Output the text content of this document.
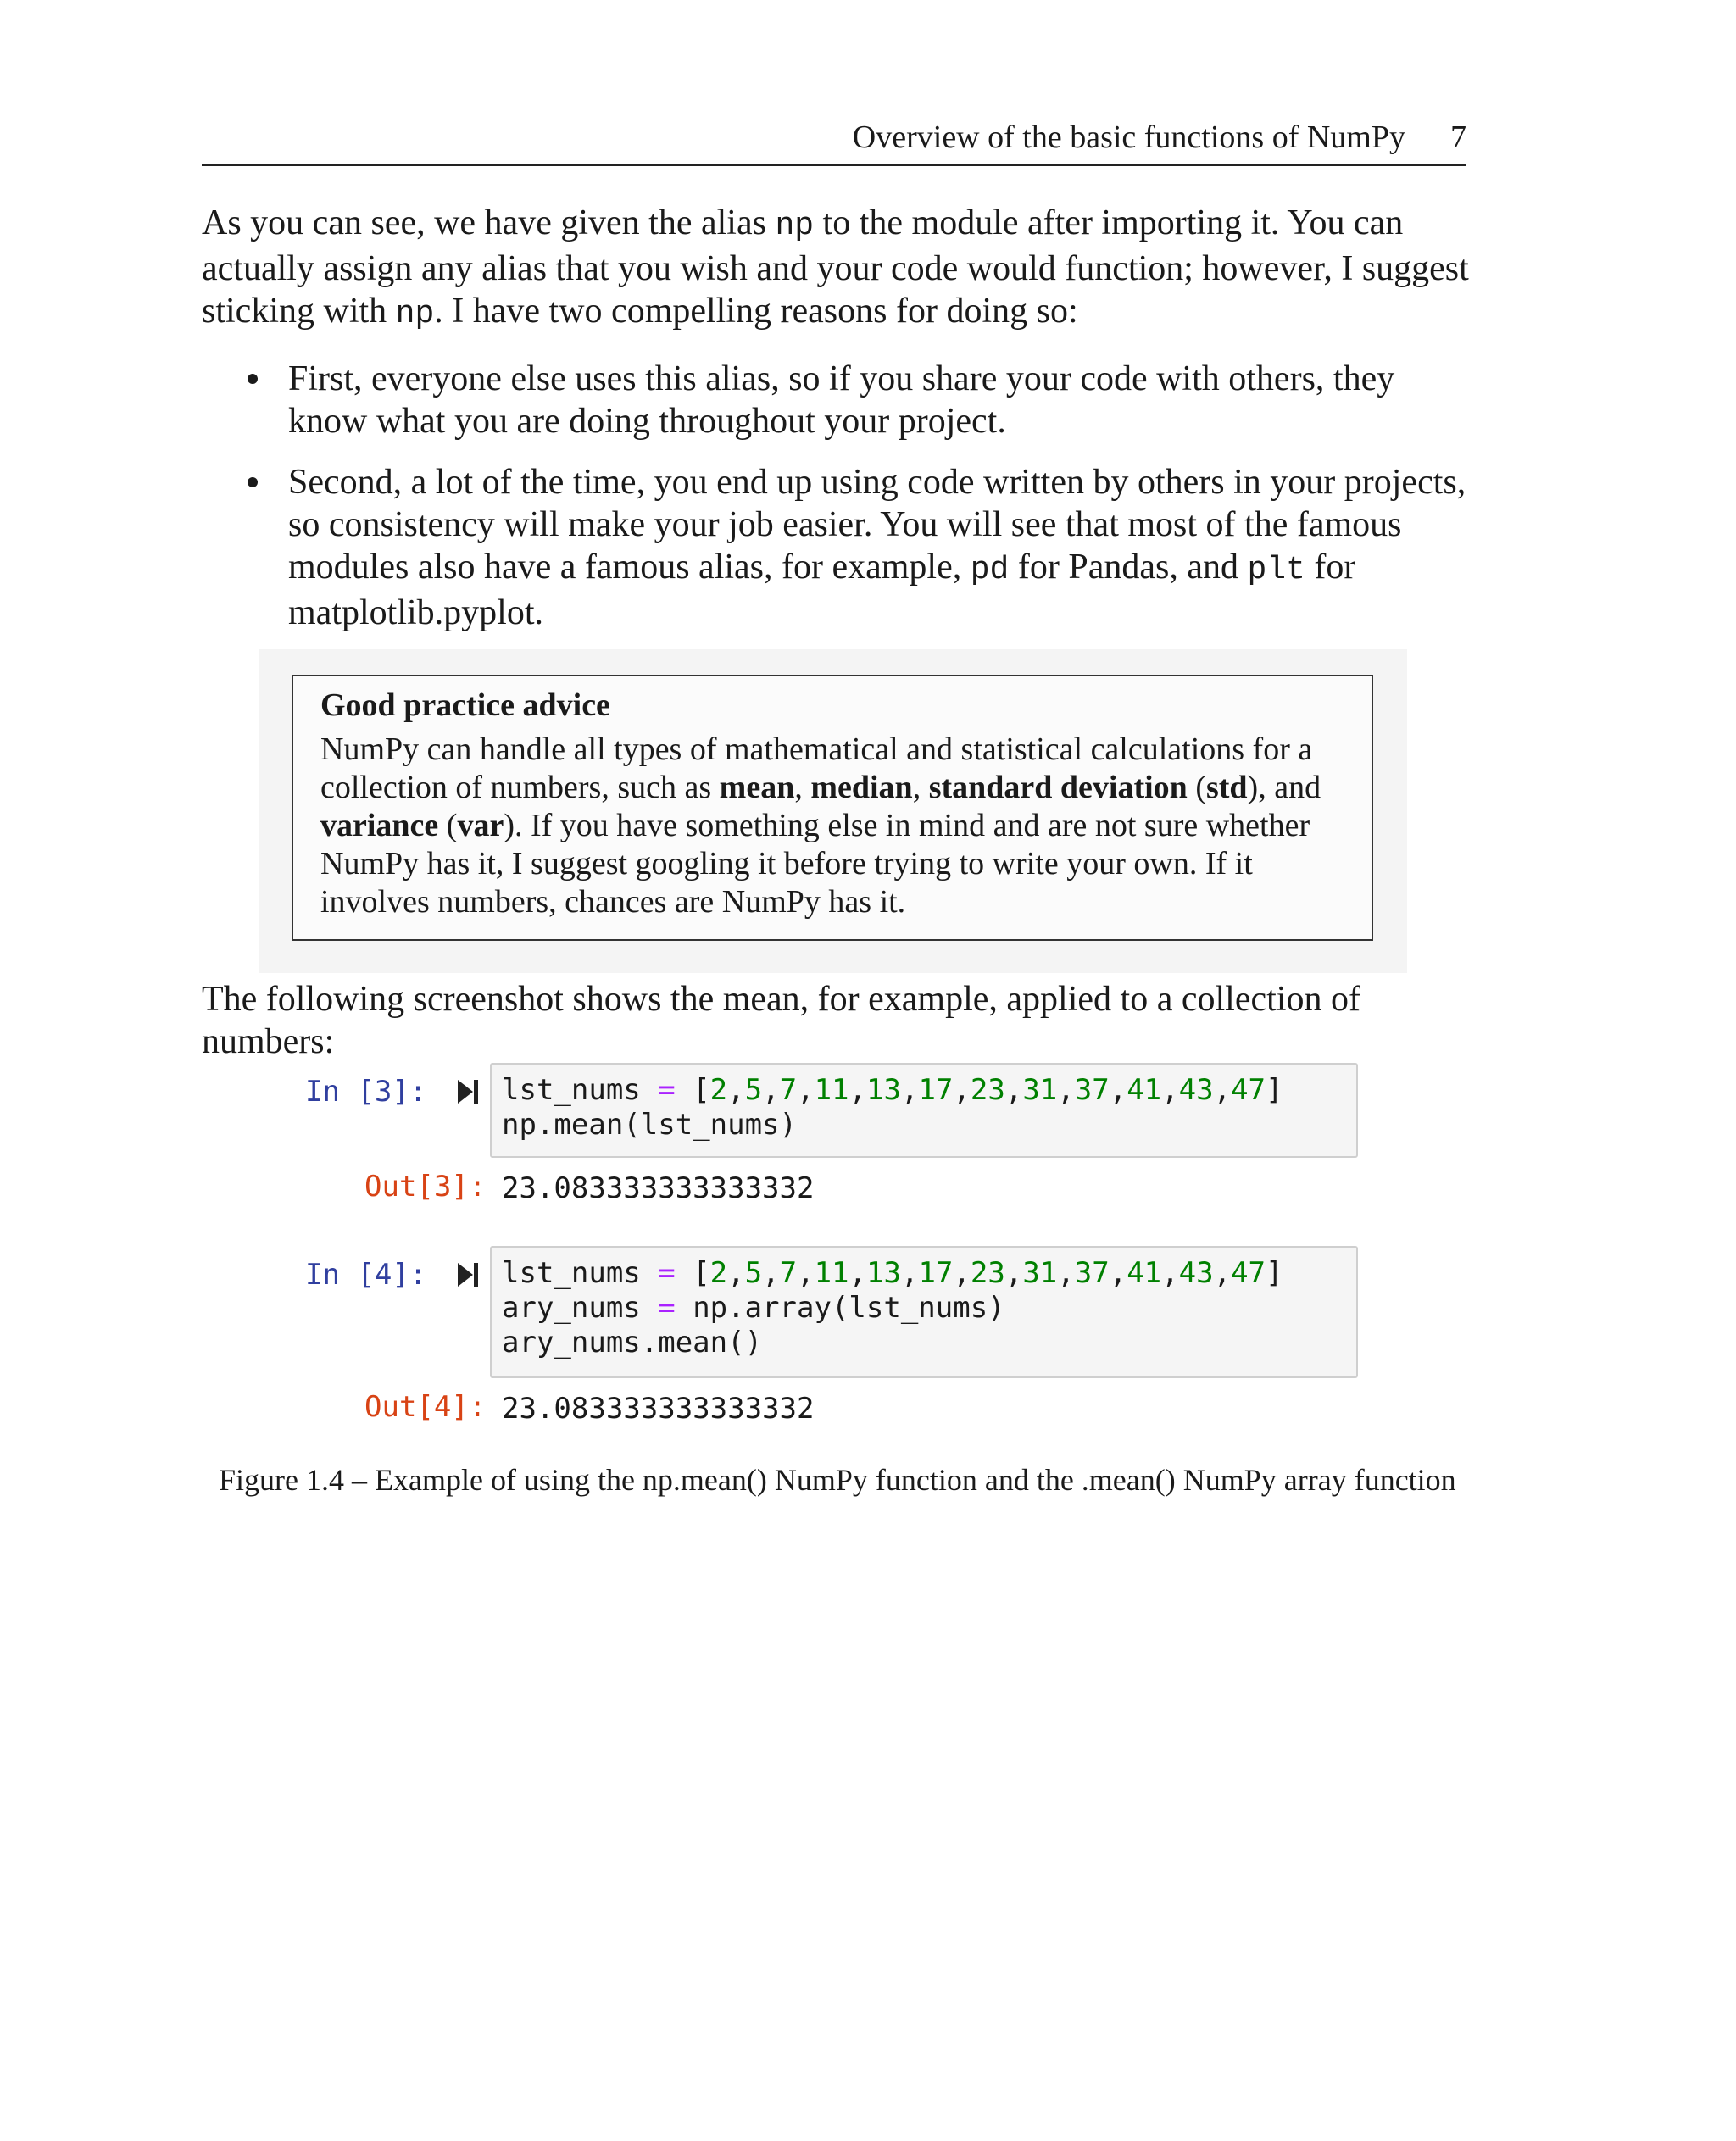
Overview of the basic functions of NumPy 7

As you can see, we have given the alias np to the module after importing it. You can actually assign any alias that you wish and your code would function; however, I suggest sticking with np. I have two compelling reasons for doing so:

First, everyone else uses this alias, so if you share your code with others, they know what you are doing throughout your project.
Second, a lot of the time, you end up using code written by others in your projects, so consistency will make your job easier. You will see that most of the famous modules also have a famous alias, for example, pd for Pandas, and plt for matplotlib.pyplot.

Good practice advice

NumPy can handle all types of mathematical and statistical calculations for a collection of numbers, such as mean, median, standard deviation (std), and variance (var). If you have something else in mind and are not sure whether NumPy has it, I suggest googling it before trying to write your own. If it involves numbers, chances are NumPy has it.

The following screenshot shows the mean, for example, applied to a collection of numbers:

In [3]:	lst_nums = [2,5,7,11,13,17,23,31,37,41,43,47]
np.mean(lst_nums)
Out[3]: 23.083333333333332
In [4]:	lst_nums = [2,5,7,11,13,17,23,31,37,41,43,47]
ary_nums = np.array(lst_nums)
ary_nums.mean()
Out[4]: 23.083333333333332

Figure 1.4 – Example of using the np.mean() NumPy function and the .mean() NumPy array function
